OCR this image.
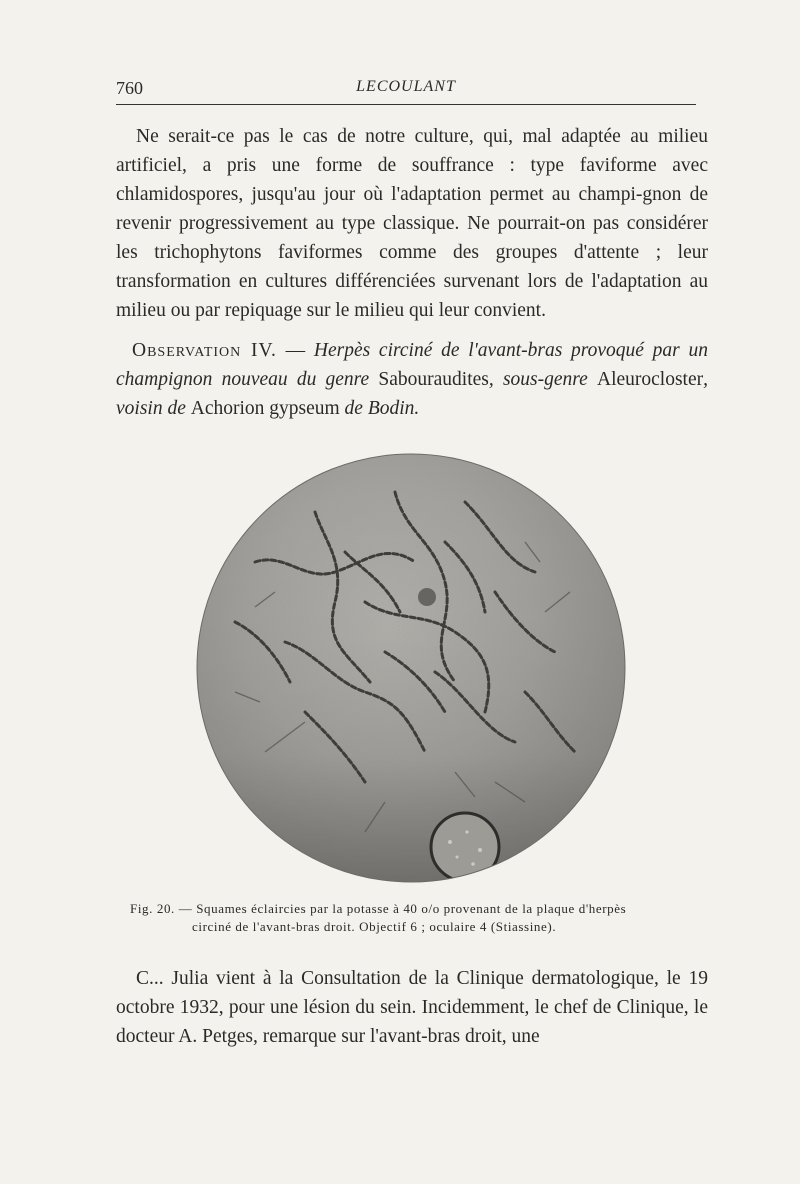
760	LECOULANT

Ne serait-ce pas le cas de notre culture, qui, mal adaptée au milieu artificiel, a pris une forme de souffrance : type faviforme avec chlamidospores, jusqu'au jour où l'adaptation permet au champi-gnon de revenir progressivement au type classique. Ne pourrait-on pas considérer les trichophytons faviformes comme des groupes d'attente ; leur transformation en cultures différenciées survenant lors de l'adaptation au milieu ou par repiquage sur le milieu qui leur convient.

Observation IV. — Herpès circiné de l'avant-bras provoqué par un champignon nouveau du genre Sabouraudites, sous-genre Aleurocloster, voisin de Achorion gypseum de Bodin.

Fig. 20. — Squames éclaircies par la potasse à 40 o/o provenant de la plaque d'herpès
circiné de l'avant-bras droit. Objectif 6 ; oculaire 4 (Stiassine).

C... Julia vient à la Consultation de la Clinique dermatologique, le 19 octobre 1932, pour une lésion du sein. Incidemment, le chef de Clinique, le docteur A. Petges, remarque sur l'avant-bras droit, une
